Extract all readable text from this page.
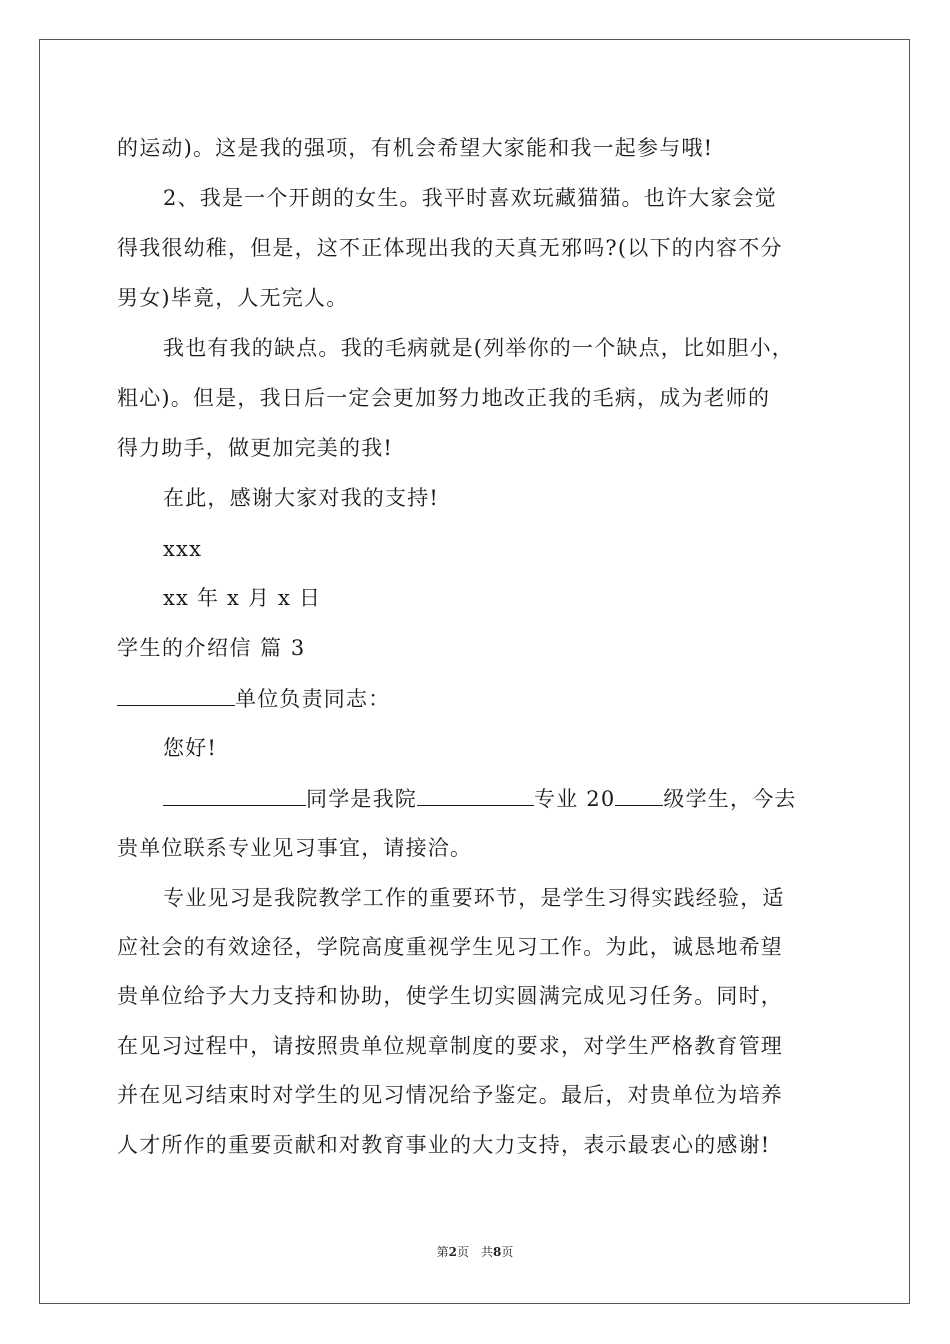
的运动)。这是我的强项，有机会希望大家能和我一起参与哦!
2、我是一个开朗的女生。我平时喜欢玩藏猫猫。也许大家会觉
得我很幼稚，但是，这不正体现出我的天真无邪吗?(以下的内容不分
男女)毕竟，人无完人。
我也有我的缺点。我的毛病就是(列举你的一个缺点，比如胆小，
粗心)。但是，我日后一定会更加努力地改正我的毛病，成为老师的
得力助手，做更加完美的我!
在此，感谢大家对我的支持!
xxx
xx 年 x 月 x 日
学生的介绍信 篇 3
单位负责同志：
您好!
同学是我院	专业 20 级学生，今去
贵单位联系专业见习事宜，请接洽。
专业见习是我院教学工作的重要环节，是学生习得实践经验，适
应社会的有效途径，学院高度重视学生见习工作。为此，诚恳地希望
贵单位给予大力支持和协助，使学生切实圆满完成见习任务。同时，
在见习过程中，请按照贵单位规章制度的要求，对学生严格教育管理
并在见习结束时对学生的见习情况给予鉴定。最后，对贵单位为培养
人才所作的重要贡献和对教育事业的大力支持，表示最衷心的感谢!
第2页　共8页
